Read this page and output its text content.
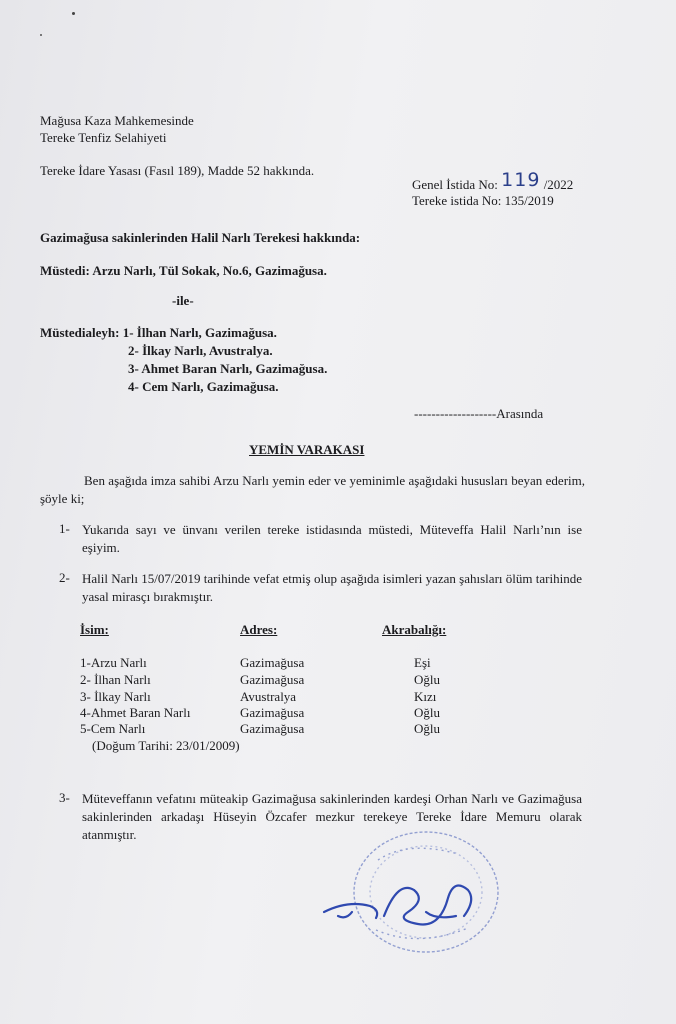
Mağusa Kaza Mahkemesinde
Tereke Tenfiz Selahiyeti
Tereke İdare Yasası (Fasıl 189), Madde 52 hakkında.
Genel İstida No: 119 /2022
Tereke istida No: 135/2019
Gazimağusa sakinlerinden Halil Narlı Terekesi hakkında:
Müstedi: Arzu Narlı, Tül Sokak, No.6, Gazimağusa.
-ile-
Müstedialeyh: 1- İlhan Narlı, Gazimağusa.
2- İlkay Narlı, Avustralya.
3- Ahmet Baran Narlı, Gazimağusa.
4- Cem Narlı, Gazimağusa.
-------------------Arasında
YEMİN VARAKASI
Ben aşağıda imza sahibi Arzu Narlı yemin eder ve yeminimle aşağıdaki hususları beyan ederim, şöyle ki;
1- Yukarıda sayı ve ünvanı verilen tereke istidasında müstedi, Müteveffa Halil Narlı’nın ise eşiyim.
2- Halil Narlı 15/07/2019 tarihinde vefat etmiş olup aşağıda isimleri yazan şahısları ölüm tarihinde yasal mirasçı bırakmıştır.
İsim:	Adres:	Akrabalığı:
1-Arzu Narlı	Gazimağusa	Eşi
2- İlhan Narlı	Gazimağusa	Oğlu
3- İlkay Narlı	Avustralya	Kızı
4-Ahmet Baran Narlı	Gazimağusa	Oğlu
5-Cem Narlı	Gazimağusa	Oğlu
(Doğum Tarihi: 23/01/2009)
3- Müteveffanın vefatını müteakip Gazimağusa sakinlerinden kardeşi Orhan Narlı ve Gazimağusa sakinlerinden arkadaşı Hüseyin Özcafer mezkur terekeye Tereke İdare Memuru olarak atanmıştır.
